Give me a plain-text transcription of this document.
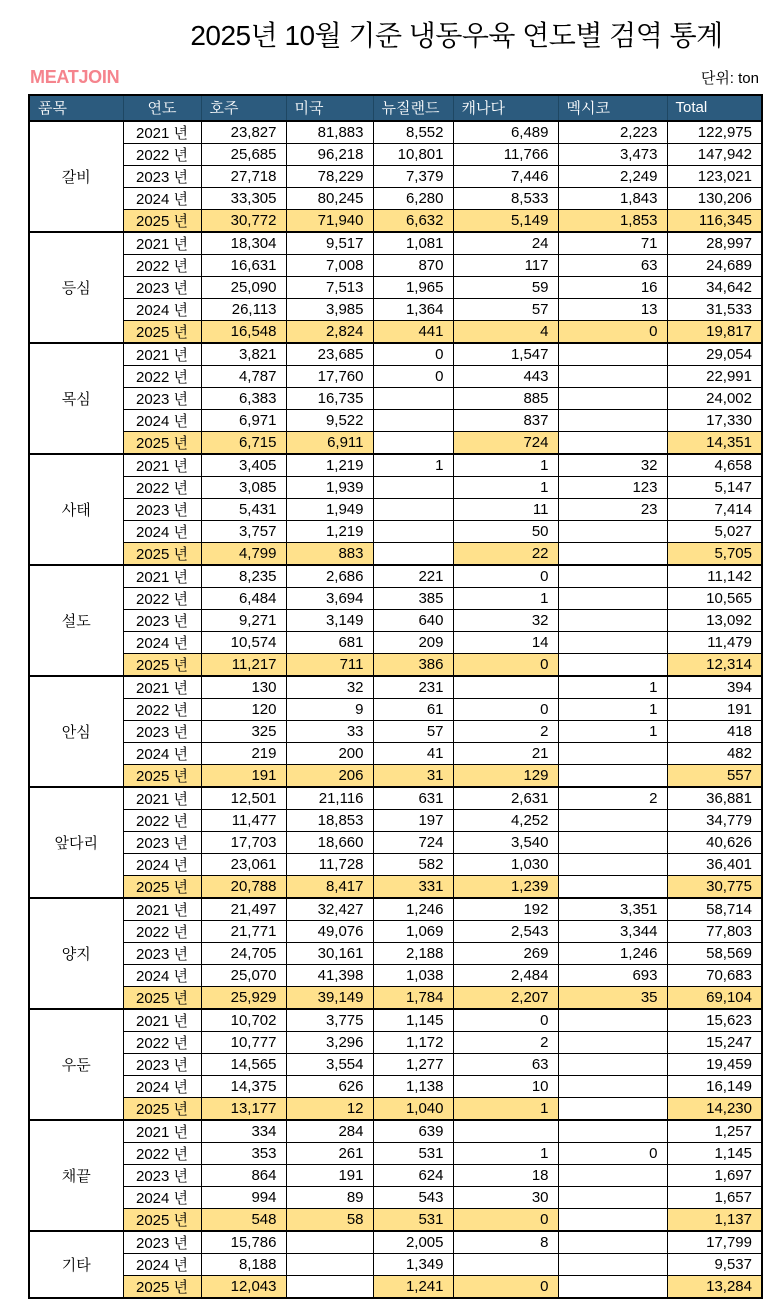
2025년 10월 기준 냉동우육 연도별 검역 통계
MEATJOIN	단위: ton
품목	연도	호주	미국	뉴질랜드	캐나다	멕시코	Total
갈비	2021 년	23,827	81,883	8,552	6,489	2,223	122,975
	2022 년	25,685	96,218	10,801	11,766	3,473	147,942
	2023 년	27,718	78,229	7,379	7,446	2,249	123,021
	2024 년	33,305	80,245	6,280	8,533	1,843	130,206
	2025 년	30,772	71,940	6,632	5,149	1,853	116,345
등심	2021 년	18,304	9,517	1,081	24	71	28,997
	2022 년	16,631	7,008	870	117	63	24,689
	2023 년	25,090	7,513	1,965	59	16	34,642
	2024 년	26,113	3,985	1,364	57	13	31,533
	2025 년	16,548	2,824	441	4	0	19,817
목심	2021 년	3,821	23,685	0	1,547		29,054
	2022 년	4,787	17,760	0	443		22,991
	2023 년	6,383	16,735		885		24,002
	2024 년	6,971	9,522		837		17,330
	2025 년	6,715	6,911		724		14,351
사태	2021 년	3,405	1,219	1	1	32	4,658
	2022 년	3,085	1,939		1	123	5,147
	2023 년	5,431	1,949		11	23	7,414
	2024 년	3,757	1,219		50		5,027
	2025 년	4,799	883		22		5,705
설도	2021 년	8,235	2,686	221	0		11,142
	2022 년	6,484	3,694	385	1		10,565
	2023 년	9,271	3,149	640	32		13,092
	2024 년	10,574	681	209	14		11,479
	2025 년	11,217	711	386	0		12,314
안심	2021 년	130	32	231		1	394
	2022 년	120	9	61	0	1	191
	2023 년	325	33	57	2	1	418
	2024 년	219	200	41	21		482
	2025 년	191	206	31	129		557
앞다리	2021 년	12,501	21,116	631	2,631	2	36,881
	2022 년	11,477	18,853	197	4,252		34,779
	2023 년	17,703	18,660	724	3,540		40,626
	2024 년	23,061	11,728	582	1,030		36,401
	2025 년	20,788	8,417	331	1,239		30,775
양지	2021 년	21,497	32,427	1,246	192	3,351	58,714
	2022 년	21,771	49,076	1,069	2,543	3,344	77,803
	2023 년	24,705	30,161	2,188	269	1,246	58,569
	2024 년	25,070	41,398	1,038	2,484	693	70,683
	2025 년	25,929	39,149	1,784	2,207	35	69,104
우둔	2021 년	10,702	3,775	1,145	0		15,623
	2022 년	10,777	3,296	1,172	2		15,247
	2023 년	14,565	3,554	1,277	63		19,459
	2024 년	14,375	626	1,138	10		16,149
	2025 년	13,177	12	1,040	1		14,230
채끝	2021 년	334	284	639			1,257
	2022 년	353	261	531	1	0	1,145
	2023 년	864	191	624	18		1,697
	2024 년	994	89	543	30		1,657
	2025 년	548	58	531	0		1,137
기타	2023 년	15,786		2,005	8		17,799
	2024 년	8,188		1,349			9,537
	2025 년	12,043		1,241	0		13,284
